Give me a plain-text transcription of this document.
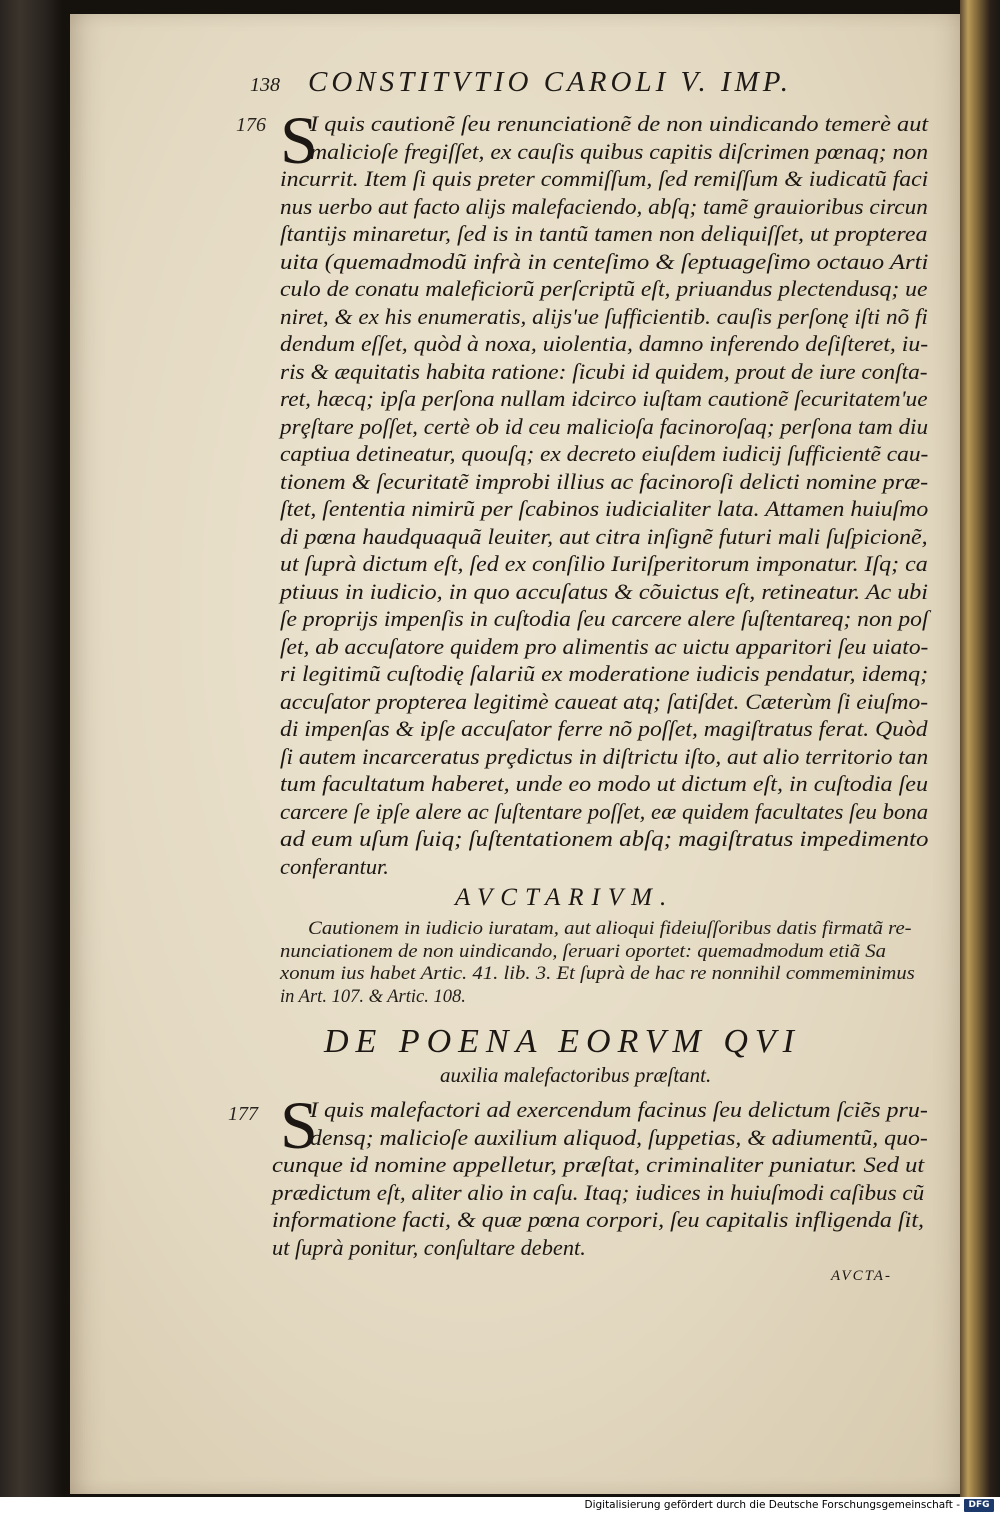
138 CONSTITVTIO CAROLI V. IMP.
176 S
I quis cautionẽ ſeu renunciationẽ de non uindicando temerè aut
malicioſe fregiſſet, ex cauſis quibus capitis diſcrimen pœnaq; non
incurrit. Item ſi quis preter commiſſum, ſed remiſſum & iudicatũ faci
nus uerbo aut facto alijs malefaciendo, abſq; tamẽ grauioribus circun
ſtantijs minaretur, ſed is in tantũ tamen non deliquiſſet, ut propterea
uita (quemadmodũ infrà in centeſimo & ſeptuageſimo octauo Arti
culo de conatu maleficiorũ perſcriptũ eſt, priuandus plectendusq; ue
niret, & ex his enumeratis, alijs'ue ſufficientib. cauſis perſonę iſti nõ fi
dendum eſſet, quòd à noxa, uiolentia, damno inferendo deſiſteret, iu-
ris & æquitatis habita ratione: ſicubi id quidem, prout de iure conſta-
ret, hæcq; ipſa perſona nullam idcirco iuſtam cautionẽ ſecuritatem'ue
prȩſtare poſſet, certè ob id ceu malicioſa facinoroſaq; perſona tam diu
captiua detineatur, quouſq; ex decreto eiuſdem iudicij ſufficientẽ cau-
tionem & ſecuritatẽ improbi illius ac facinoroſi delicti nomine præ-
ſtet, ſententia nimirũ per ſcabinos iudicialiter lata. Attamen huiuſmo
di pœna haudquaquã leuiter, aut citra inſignẽ futuri mali ſuſpicionẽ,
ut ſuprà dictum eſt, ſed ex conſilio Iuriſperitorum imponatur. Iſq; ca
ptiuus in iudicio, in quo accuſatus & cõuictus eſt, retineatur. Ac ubi
ſe proprijs impenſis in cuſtodia ſeu carcere alere ſuſtentareq; non poſ
ſet, ab accuſatore quidem pro alimentis ac uictu apparitori ſeu uiato-
ri legitimũ cuſtodię ſalariũ ex moderatione iudicis pendatur, idemq;
accuſator propterea legitimè caueat atq; ſatiſdet. Cæterùm ſi eiuſmo-
di impenſas & ipſe accuſator ferre nõ poſſet, magiſtratus ferat. Quòd
ſi autem incarceratus prȩdictus in diſtrictu iſto, aut alio territorio tan
tum facultatum haberet, unde eo modo ut dictum eſt, in cuſtodia ſeu
carcere ſe ipſe alere ac ſuſtentare poſſet, eæ quidem facultates ſeu bona
ad eum uſum ſuiq; ſuſtentationem abſq; magiſtratus impedimento
conferantur.
AVCTARIVM.
Cautionem in iudicio iuratam, aut alioqui fideiuſſoribus datis firmatã re-
nunciationem de non uindicando, ſeruari oportet: quemadmodum etiã Sa
xonum ius habet Artic. 41. lib. 3. Et ſuprà de hac re nonnihil commeminimus
in Art. 107. & Artic. 108.
DE POENA EORVM QVI
auxilia malefactoribus præſtant.
177 S
I quis malefactori ad exercendum facinus ſeu delictum ſciẽs pru-
densq; malicioſe auxilium aliquod, ſuppetias, & adiumentũ, quo-
cunque id nomine appelletur, præſtat, criminaliter puniatur. Sed ut
prædictum eſt, aliter alio in caſu. Itaq; iudices in huiuſmodi caſibus cũ
informatione facti, & quæ pœna corpori, ſeu capitalis infligenda ſit,
ut ſuprà ponitur, conſultare debent.
AVCTA-
Digitalisierung gefördert durch die Deutsche Forschungsgemeinschaft - DFG
